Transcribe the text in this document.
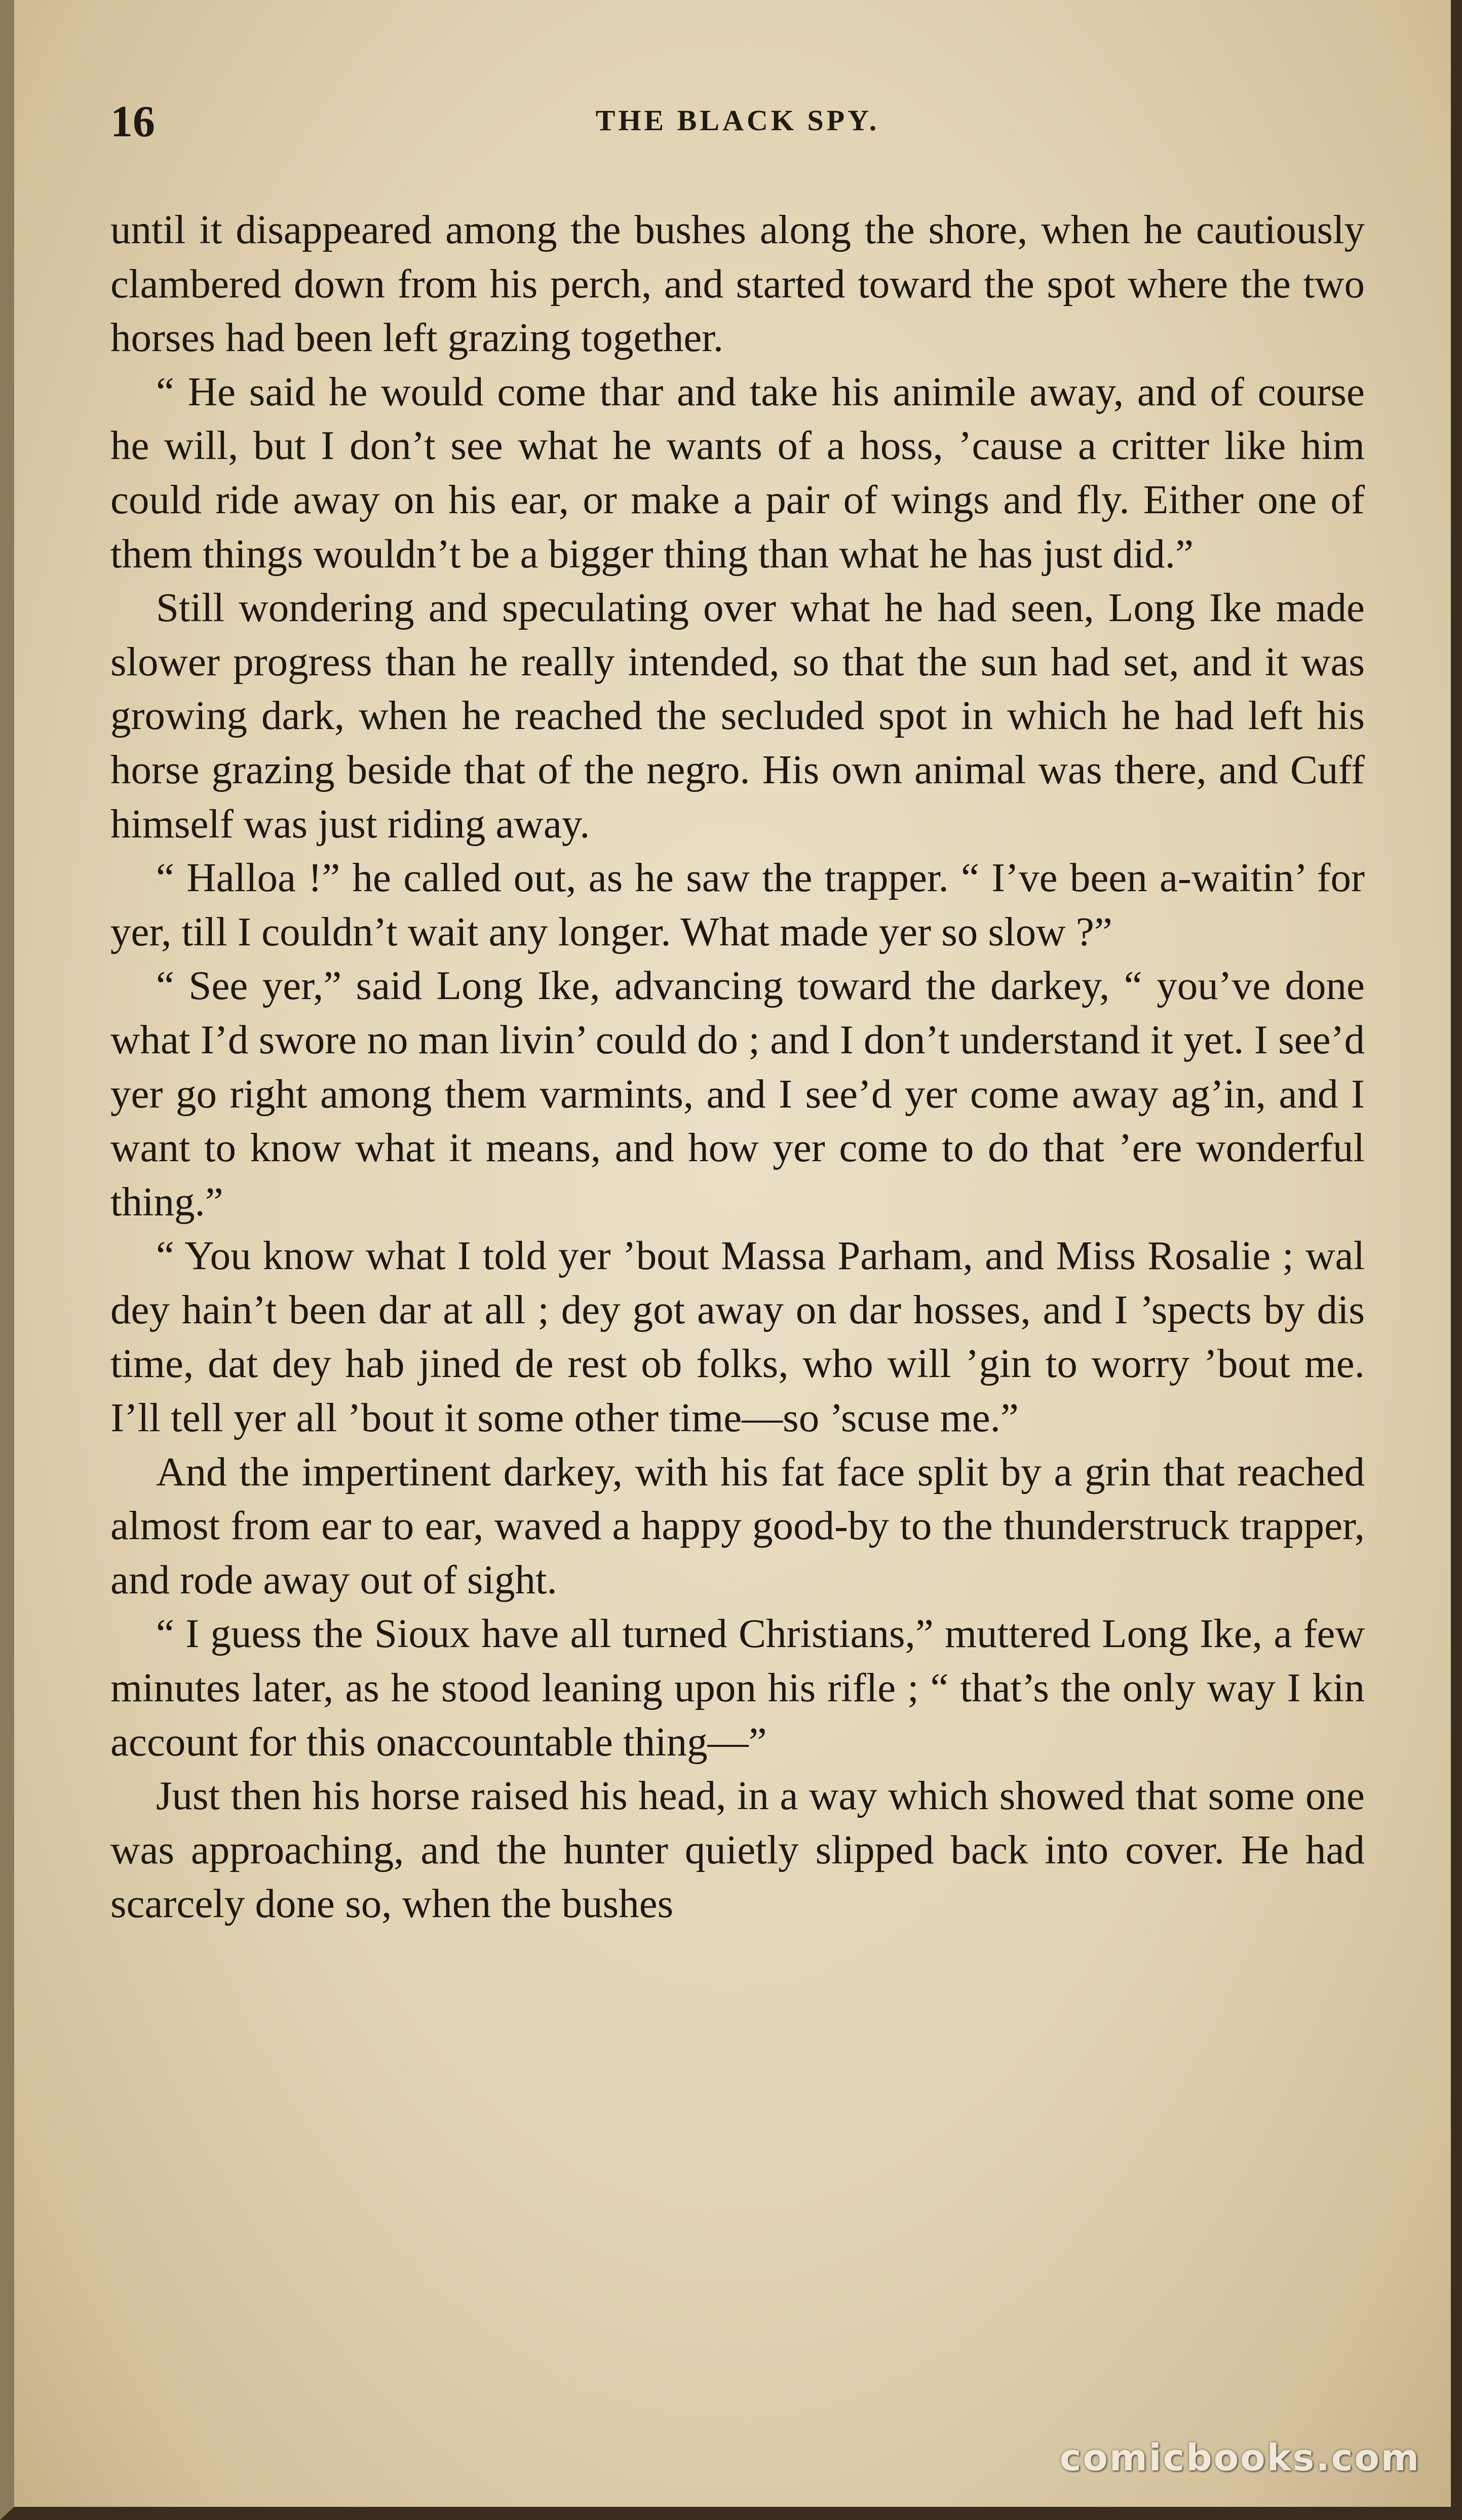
16	THE BLACK SPY.

until it disappeared among the bushes along the shore, when he cautiously clambered down from his perch, and started toward the spot where the two horses had been left grazing together.

“ He said he would come thar and take his animile away, and of course he will, but I don’t see what he wants of a hoss, ’cause a critter like him could ride away on his ear, or make a pair of wings and fly. Either one of them things wouldn’t be a bigger thing than what he has just did.”

Still wondering and speculating over what he had seen, Long Ike made slower progress than he really intended, so that the sun had set, and it was growing dark, when he reached the secluded spot in which he had left his horse grazing beside that of the negro. His own animal was there, and Cuff himself was just riding away.

“ Halloa !” he called out, as he saw the trapper. “ I’ve been a-waitin’ for yer, till I couldn’t wait any longer. What made yer so slow ?”

“ See yer,” said Long Ike, advancing toward the darkey, “ you’ve done what I’d swore no man livin’ could do ; and I don’t understand it yet. I see’d yer go right among them varmints, and I see’d yer come away ag’in, and I want to know what it means, and how yer come to do that ’ere wonderful thing.”

“ You know what I told yer ’bout Massa Parham, and Miss Rosalie ; wal dey hain’t been dar at all ; dey got away on dar hosses, and I ’spects by dis time, dat dey hab jined de rest ob folks, who will ’gin to worry ’bout me. I’ll tell yer all ’bout it some other time—so ’scuse me.”

And the impertinent darkey, with his fat face split by a grin that reached almost from ear to ear, waved a happy good-by to the thunderstruck trapper, and rode away out of sight.

“ I guess the Sioux have all turned Christians,” muttered Long Ike, a few minutes later, as he stood leaning upon his rifle ; “ that’s the only way I kin account for this onaccountable thing—”

Just then his horse raised his head, in a way which showed that some one was approaching, and the hunter quietly slipped back into cover. He had scarcely done so, when the bushes

comicbooks.com
